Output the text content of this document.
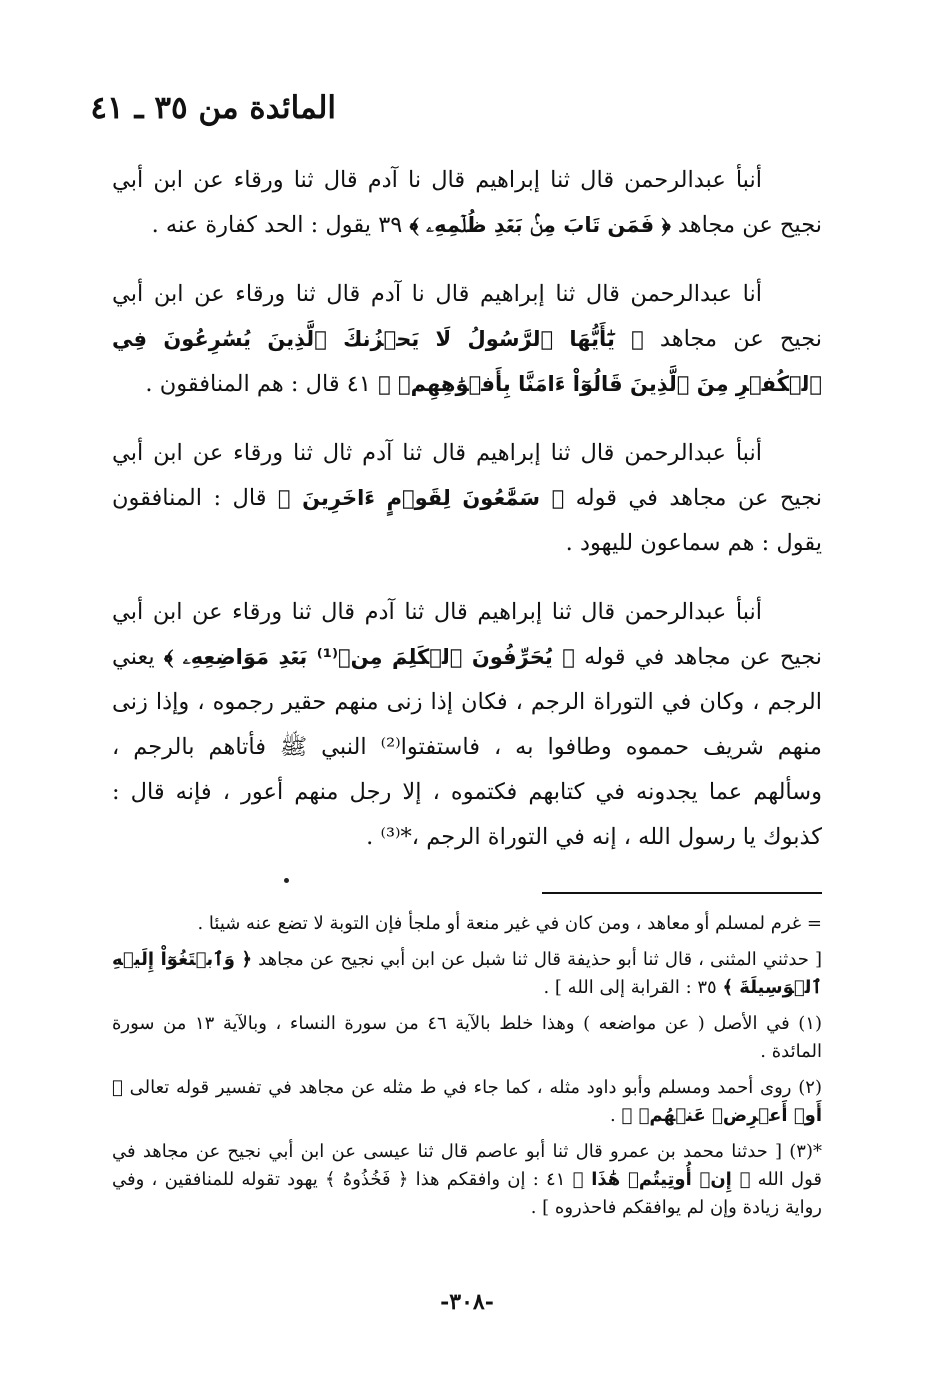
المائدة من ٣٥ ـ ٤١

أنبأ عبدالرحمن قال ثنا إبراهيم قال نا آدم قال ثنا ورقاء عن ابن أبي نجيح عن مجاهد ﴿ فَمَن تَابَ مِنۢ بَعۡدِ ظُلۡمِهِۦ ﴾ ٣٩ يقول : الحد كفارة عنه .

أنا عبدالرحمن قال ثنا إبراهيم قال نا آدم قال ثنا ورقاء عن ابن أبي نجيح عن مجاهد ﴿ يَٰٓأَيُّهَا ٱلرَّسُولُ لَا يَحۡزُنكَ ٱلَّذِينَ يُسَٰرِعُونَ فِي ٱلۡكُفۡرِ مِنَ ٱلَّذِينَ قَالُوٓاْ ءَامَنَّا بِأَفۡوَٰهِهِمۡ ﴾ ٤١ قال : هم المنافقون .

أنبأ عبدالرحمن قال ثنا إبراهيم قال ثنا آدم ثال ثنا ورقاء عن ابن أبي نجيح عن مجاهد في قوله ﴿ سَمَّٰعُونَ لِقَوۡمٍ ءَاخَرِينَ ﴾ قال : المنافقون يقول : هم سماعون لليهود .

أنبأ عبدالرحمن قال ثنا إبراهيم قال ثنا آدم قال ثنا ورقاء عن ابن أبي نجيح عن مجاهد في قوله ﴿ يُحَرِّفُونَ ٱلۡكَلِمَ مِنۢ⁽¹⁾ بَعۡدِ مَوَاضِعِهِۦ ﴾ يعني الرجم ، وكان في التوراة الرجم ، فكان إذا زنى منهم حقير رجموه ، وإذا زنى منهم شريف حمموه وطافوا به ، فاستفتوا⁽²⁾ النبي ﷺ فأتاهم بالرجم ، وسألهم عما يجدونه في كتابهم فكتموه ، إلا رجل منهم أعور ، فإنه قال : كذبوك يا رسول الله ، إنه في التوراة الرجم ،*⁽³⁾ .

= غرم لمسلم أو معاهد ، ومن كان في غير منعة أو ملجأ فإن التوبة لا تضع عنه شيئا .

[ حدثني المثنى ، قال ثنا أبو حذيفة قال ثنا شبل عن ابن أبي نجيح عن مجاهد ﴿ وَٱبۡتَغُوٓاْ إِلَيۡهِ ٱلۡوَسِيلَةَ ﴾ ٣٥ : القرابة إلى الله ] .

(١) في الأصل ( عن مواضعه ) وهذا خلط بالآية ٤٦ من سورة النساء ، وبالآية ١٣ من سورة المائدة .

(٢) روى أحمد ومسلم وأبو داود مثله ، كما جاء في ط مثله عن مجاهد في تفسير قوله تعالى ﴿ أَوۡ أَعۡرِضۡ عَنۡهُمۡ ﴾ .

*(٣) [ حدثنا محمد بن عمرو قال ثنا أبو عاصم قال ثنا عيسى عن ابن أبي نجيح عن مجاهد في قول الله ﴿ إِنۡ أُوتِيتُمۡ هَٰذَا ﴾ ٤١ : إن وافقكم هذا ﴿ فَخُذُوهُ ﴾ يهود تقوله للمنافقين ، وفي رواية زيادة وإن لم يوافقكم فاحذروه ] .

-٣٠٨-
